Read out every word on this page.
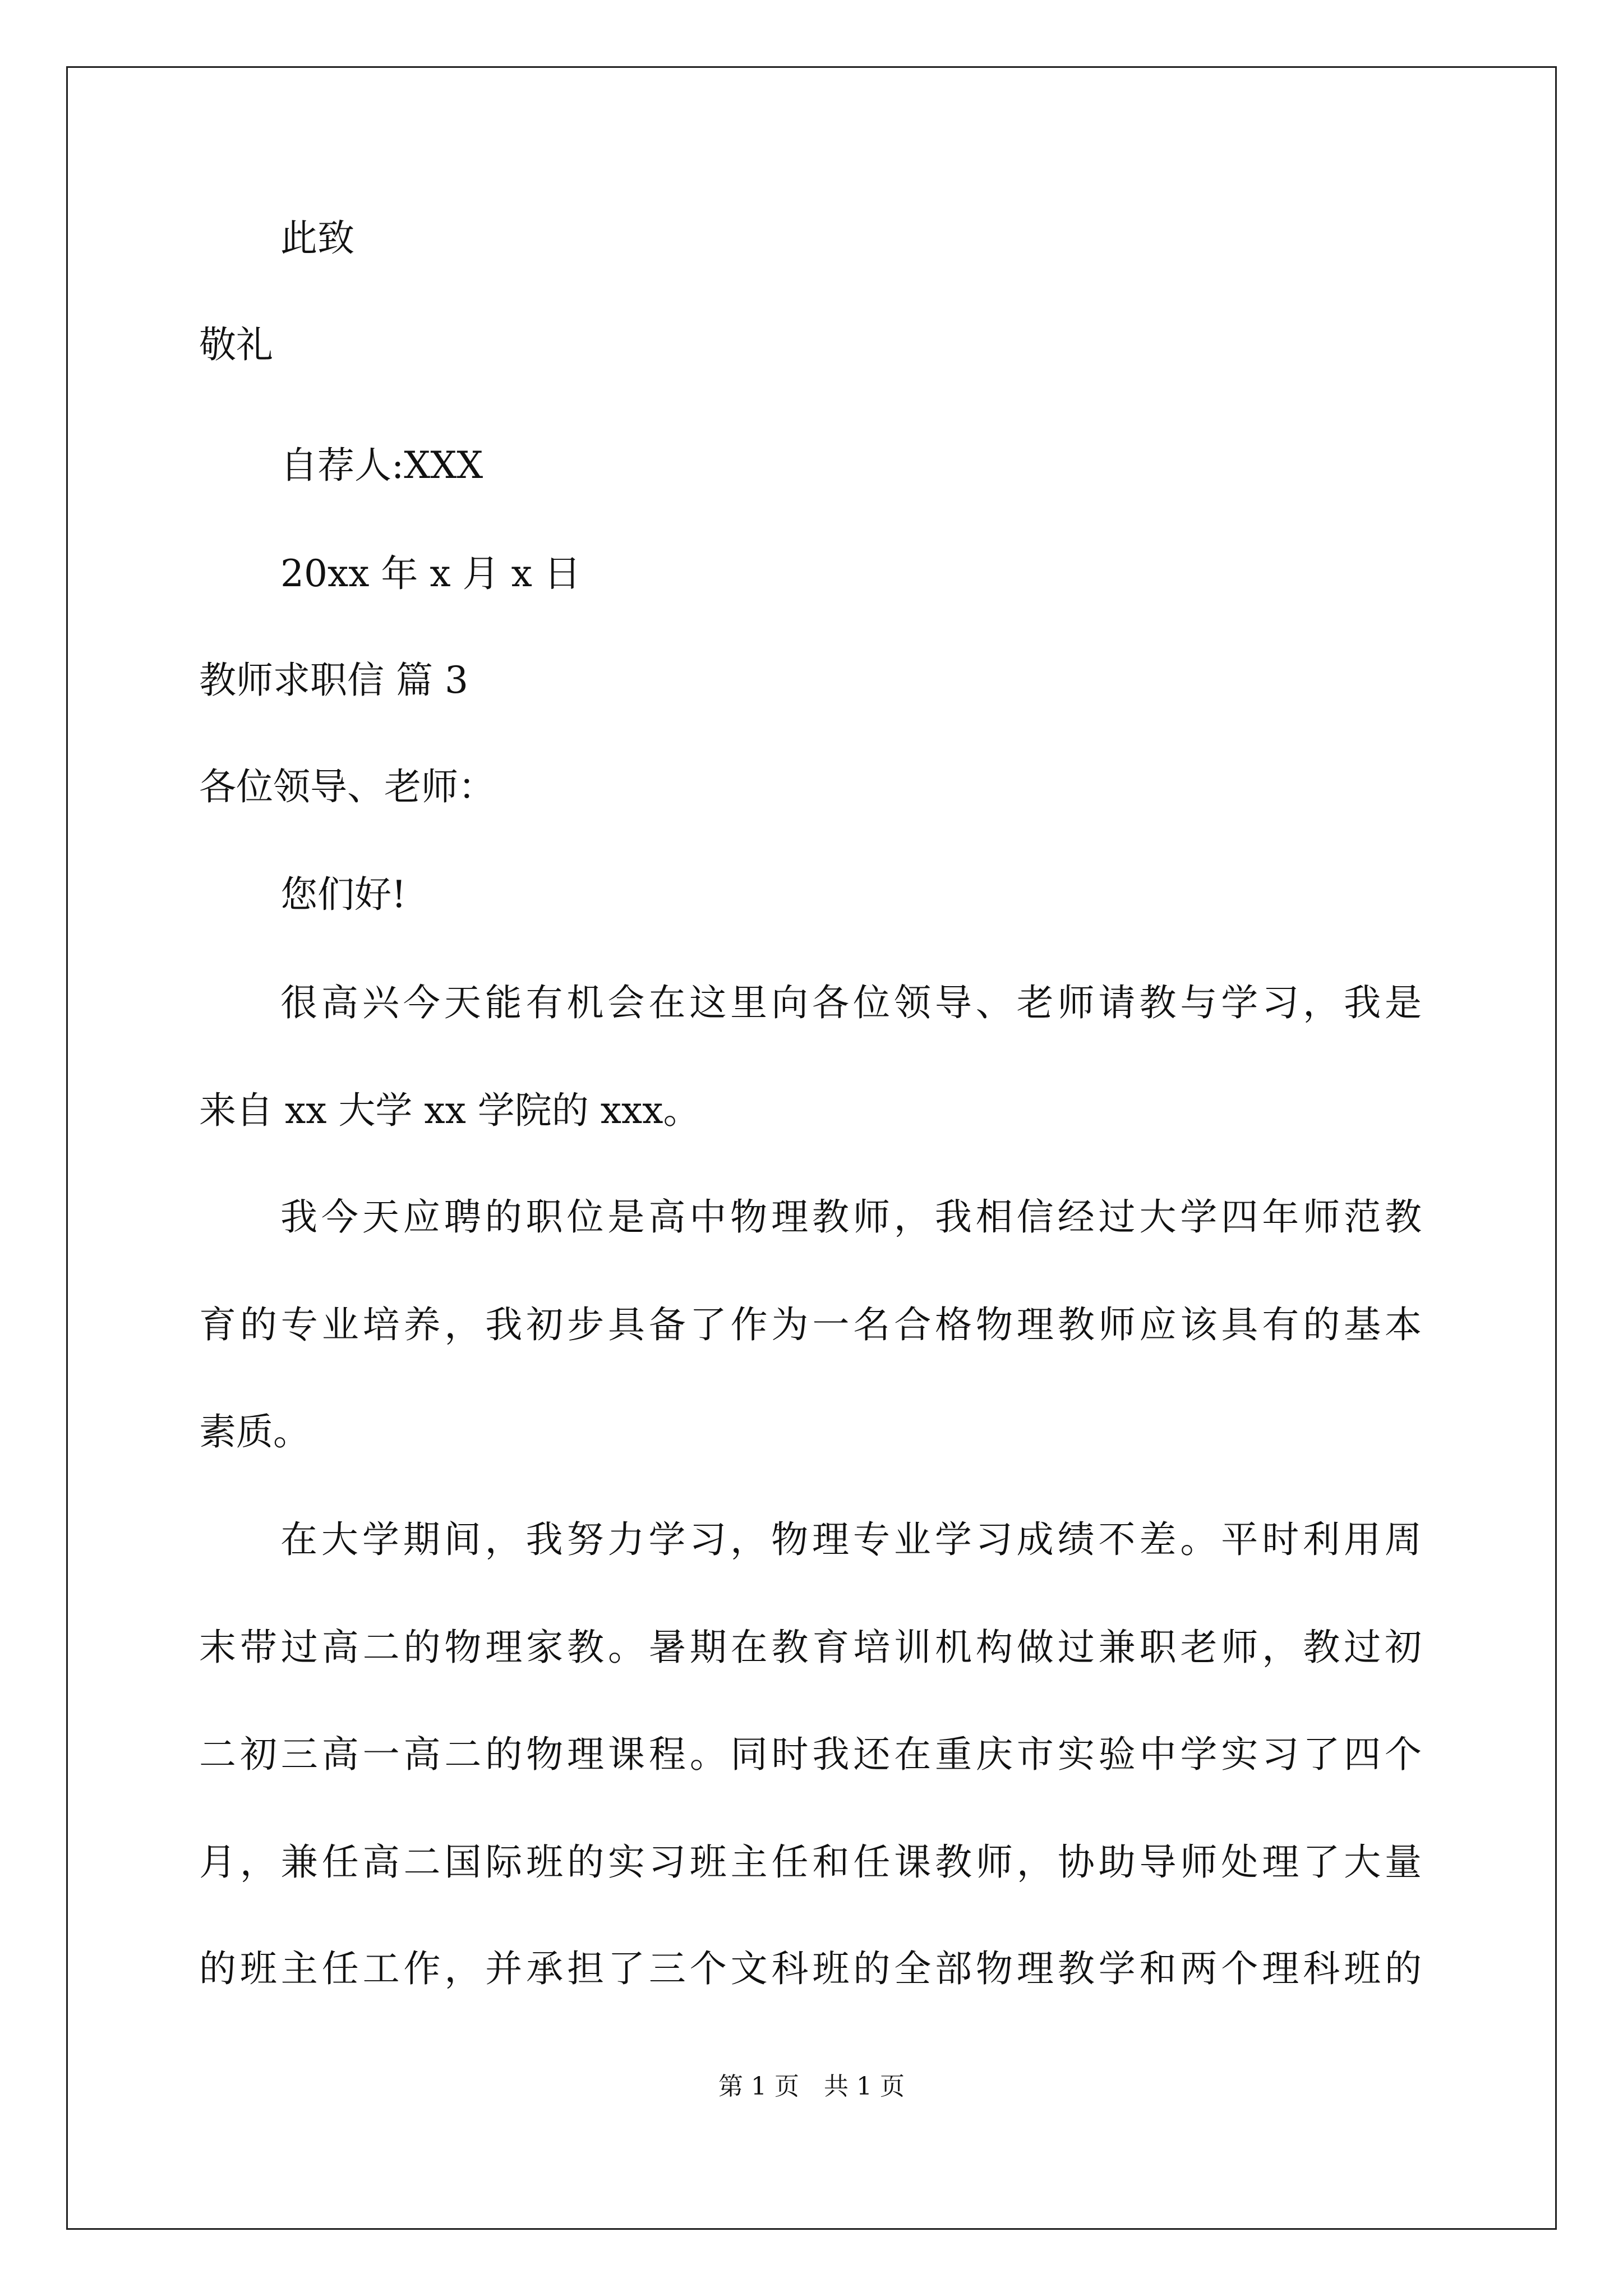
此致
敬礼
自荐人:XXX
20xx 年 x 月 x 日
教师求职信 篇 3
各位领导、老师：
您们好!
很高兴今天能有机会在这里向各位领导、老师请教与学习，我是
来自 xx 大学 xx 学院的 xxx。
我今天应聘的职位是高中物理教师，我相信经过大学四年师范教
育的专业培养，我初步具备了作为一名合格物理教师应该具有的基本
素质。
在大学期间，我努力学习，物理专业学习成绩不差。平时利用周
末带过高二的物理家教。暑期在教育培训机构做过兼职老师，教过初
二初三高一高二的物理课程。同时我还在重庆市实验中学实习了四个
月，兼任高二国际班的实习班主任和任课教师，协助导师处理了大量
的班主任工作，并承担了三个文科班的全部物理教学和两个理科班的
第 1 页 共 1 页
